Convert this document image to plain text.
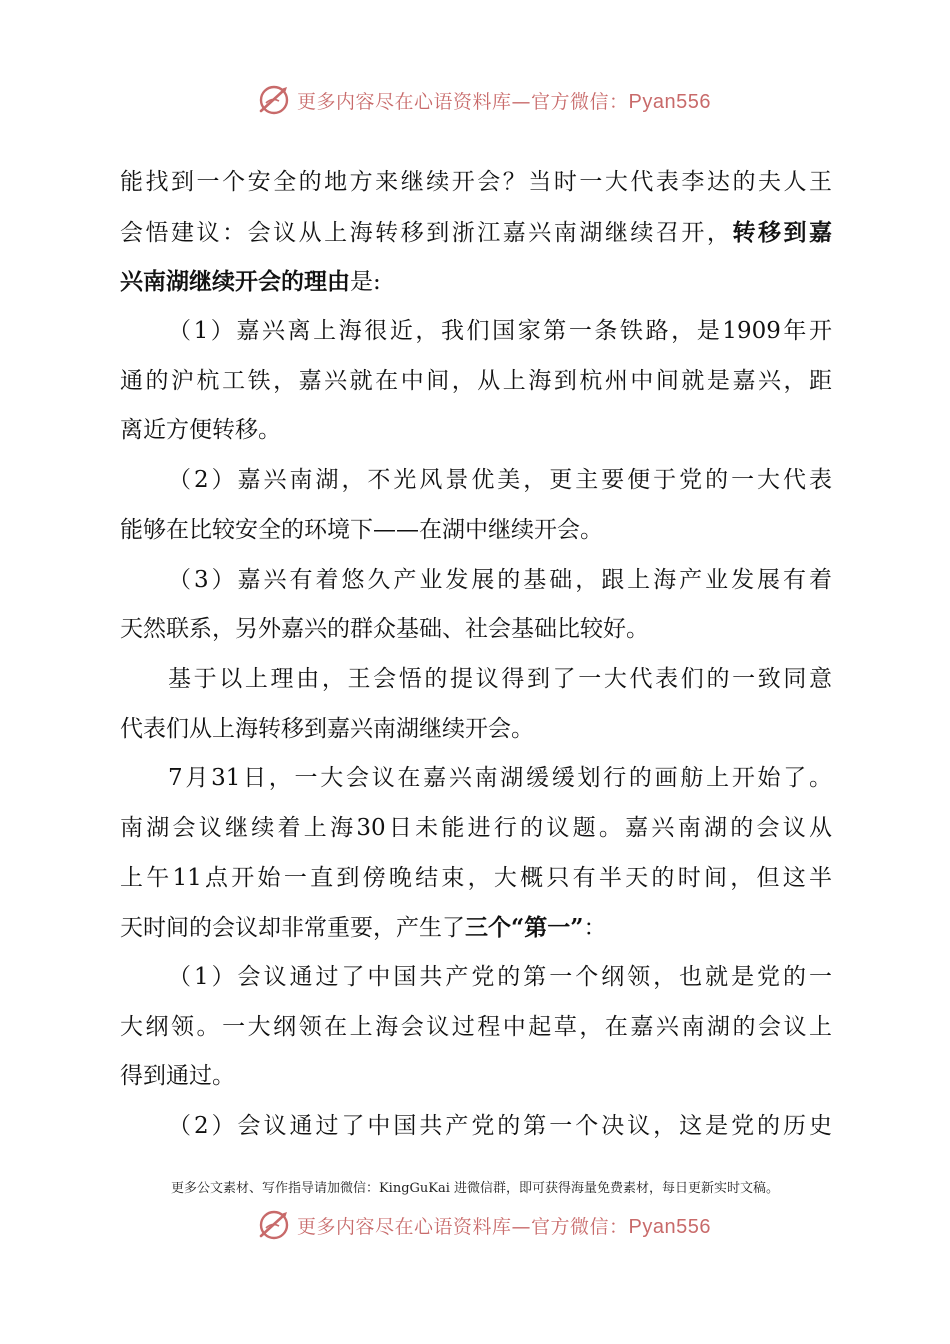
更多内容尽在心语资料库—官方微信：Pyan556
能找到一个安全的地方来继续开会？当时一大代表李达的夫人王
会悟建议：会议从上海转移到浙江嘉兴南湖继续召开，转移到嘉
兴南湖继续开会的理由是:
（1）嘉兴离上海很近，我们国家第一条铁路，是1909年开
通的沪杭工铁，嘉兴就在中间，从上海到杭州中间就是嘉兴，距
离近方便转移。
（2）嘉兴南湖，不光风景优美，更主要便于党的一大代表
能够在比较安全的环境下——在湖中继续开会。
（3）嘉兴有着悠久产业发展的基础，跟上海产业发展有着
天然联系，另外嘉兴的群众基础、社会基础比较好。
基于以上理由，王会悟的提议得到了一大代表们的一致同意
代表们从上海转移到嘉兴南湖继续开会。
7月31日，一大会议在嘉兴南湖缓缓划行的画舫上开始了。
南湖会议继续着上海30日未能进行的议题。嘉兴南湖的会议从
上午11点开始一直到傍晚结束，大概只有半天的时间，但这半
天时间的会议却非常重要，产生了三个“第一”：
（1）会议通过了中国共产党的第一个纲领，也就是党的一
大纲领。一大纲领在上海会议过程中起草，在嘉兴南湖的会议上
得到通过。
（2）会议通过了中国共产党的第一个决议，这是党的历史
更多公文素材、写作指导请加微信：KingGuKai 进微信群，即可获得海量免费素材，每日更新实时文稿。
更多内容尽在心语资料库—官方微信：Pyan556
